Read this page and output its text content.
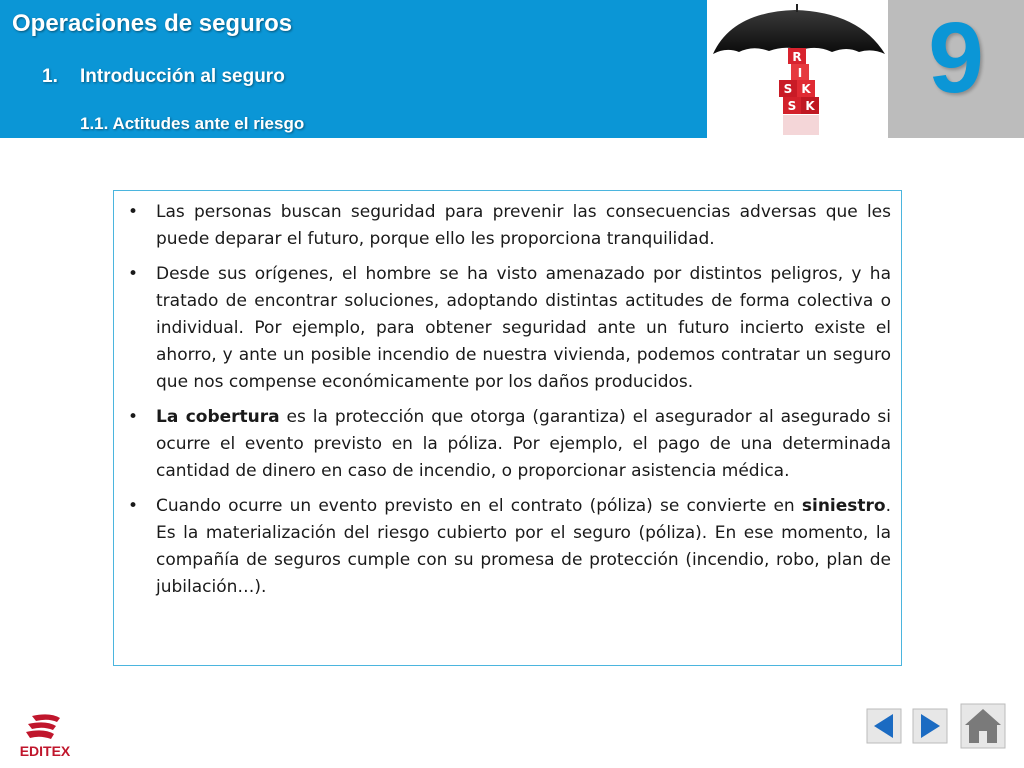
Operaciones de seguros
1. Introducción al seguro
1.1. Actitudes ante el riesgo
R
I
S K
S K	9
• Las personas buscan seguridad para prevenir las consecuencias adversas que les puede deparar el futuro, porque ello les proporciona tranquilidad.
• Desde sus orígenes, el hombre se ha visto amenazado por distintos peligros, y ha tratado de encontrar soluciones, adoptando distintas actitudes de forma colectiva o individual. Por ejemplo, para obtener seguridad ante un futuro incierto existe el ahorro, y ante un posible incendio de nuestra vivienda, podemos contratar un seguro que nos compense económicamente por los daños producidos.
• La cobertura es la protección que otorga (garantiza) el asegurador al asegurado si ocurre el evento previsto en la póliza. Por ejemplo, el pago de una determinada cantidad de dinero en caso de incendio, o proporcionar asistencia médica.
• Cuando ocurre un evento previsto en el contrato (póliza) se convierte en siniestro. Es la materialización del riesgo cubierto por el seguro (póliza). En ese momento, la compañía de seguros cumple con su promesa de protección (incendio, robo, plan de jubilación…).
EDITEX
